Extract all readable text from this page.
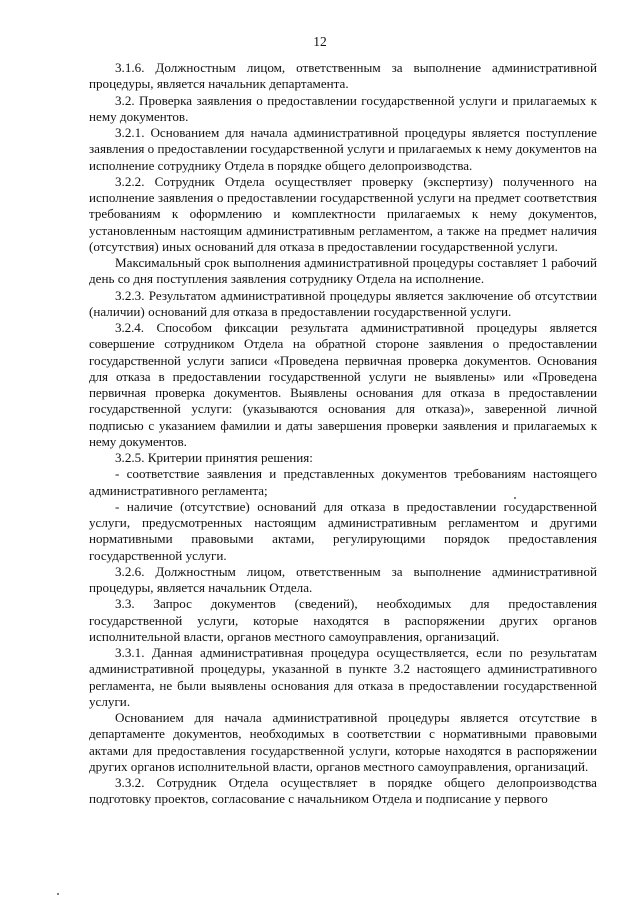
12

3.1.6. Должностным лицом, ответственным за выполнение административной процедуры, является начальник департамента.

3.2. Проверка заявления о предоставлении государственной услуги и прилагаемых к нему документов.

3.2.1. Основанием для начала административной процедуры является поступление заявления о предоставлении государственной услуги и прилагаемых к нему документов на исполнение сотруднику Отдела в порядке общего делопроизводства.

3.2.2. Сотрудник Отдела осуществляет проверку (экспертизу) полученного на исполнение заявления о предоставлении государственной услуги на предмет соответствия требованиям к оформлению и комплектности прилагаемых к нему документов, установленным настоящим административным регламентом, а также на предмет наличия (отсутствия) иных оснований для отказа в предоставлении государственной услуги.

Максимальный срок выполнения административной процедуры составляет 1 рабочий день со дня поступления заявления сотруднику Отдела на исполнение.

3.2.3. Результатом административной процедуры является заключение об отсутствии (наличии) оснований для отказа в предоставлении государственной услуги.

3.2.4. Способом фиксации результата административной процедуры является совершение сотрудником Отдела на обратной стороне заявления о предоставлении государственной услуги записи «Проведена первичная проверка документов. Основания для отказа в предоставлении государственной услуги не выявлены» или «Проведена первичная проверка документов. Выявлены основания для отказа в предоставлении государственной услуги: (указываются основания для отказа)», заверенной личной подписью с указанием фамилии и даты завершения проверки заявления и прилагаемых к нему документов.

3.2.5. Критерии принятия решения:

- соответствие заявления и представленных документов требованиям настоящего административного регламента;

- наличие (отсутствие) оснований для отказа в предоставлении государственной услуги, предусмотренных настоящим административным регламентом и другими нормативными правовыми актами, регулирующими порядок предоставления государственной услуги.

3.2.6. Должностным лицом, ответственным за выполнение административной процедуры, является начальник Отдела.

3.3. Запрос документов (сведений), необходимых для предоставления государственной услуги, которые находятся в распоряжении других органов исполнительной власти, органов местного самоуправления, организаций.

3.3.1. Данная административная процедура осуществляется, если по результатам административной процедуры, указанной в пункте 3.2 настоящего административного регламента, не были выявлены основания для отказа в предоставлении государственной услуги.

Основанием для начала административной процедуры является отсутствие в департаменте документов, необходимых в соответствии с нормативными правовыми актами для предоставления государственной услуги, которые находятся в распоряжении других органов исполнительной власти, органов местного самоуправления, организаций.

3.3.2. Сотрудник Отдела осуществляет в порядке общего делопроизводства подготовку проектов, согласование с начальником Отдела и подписание у первого
